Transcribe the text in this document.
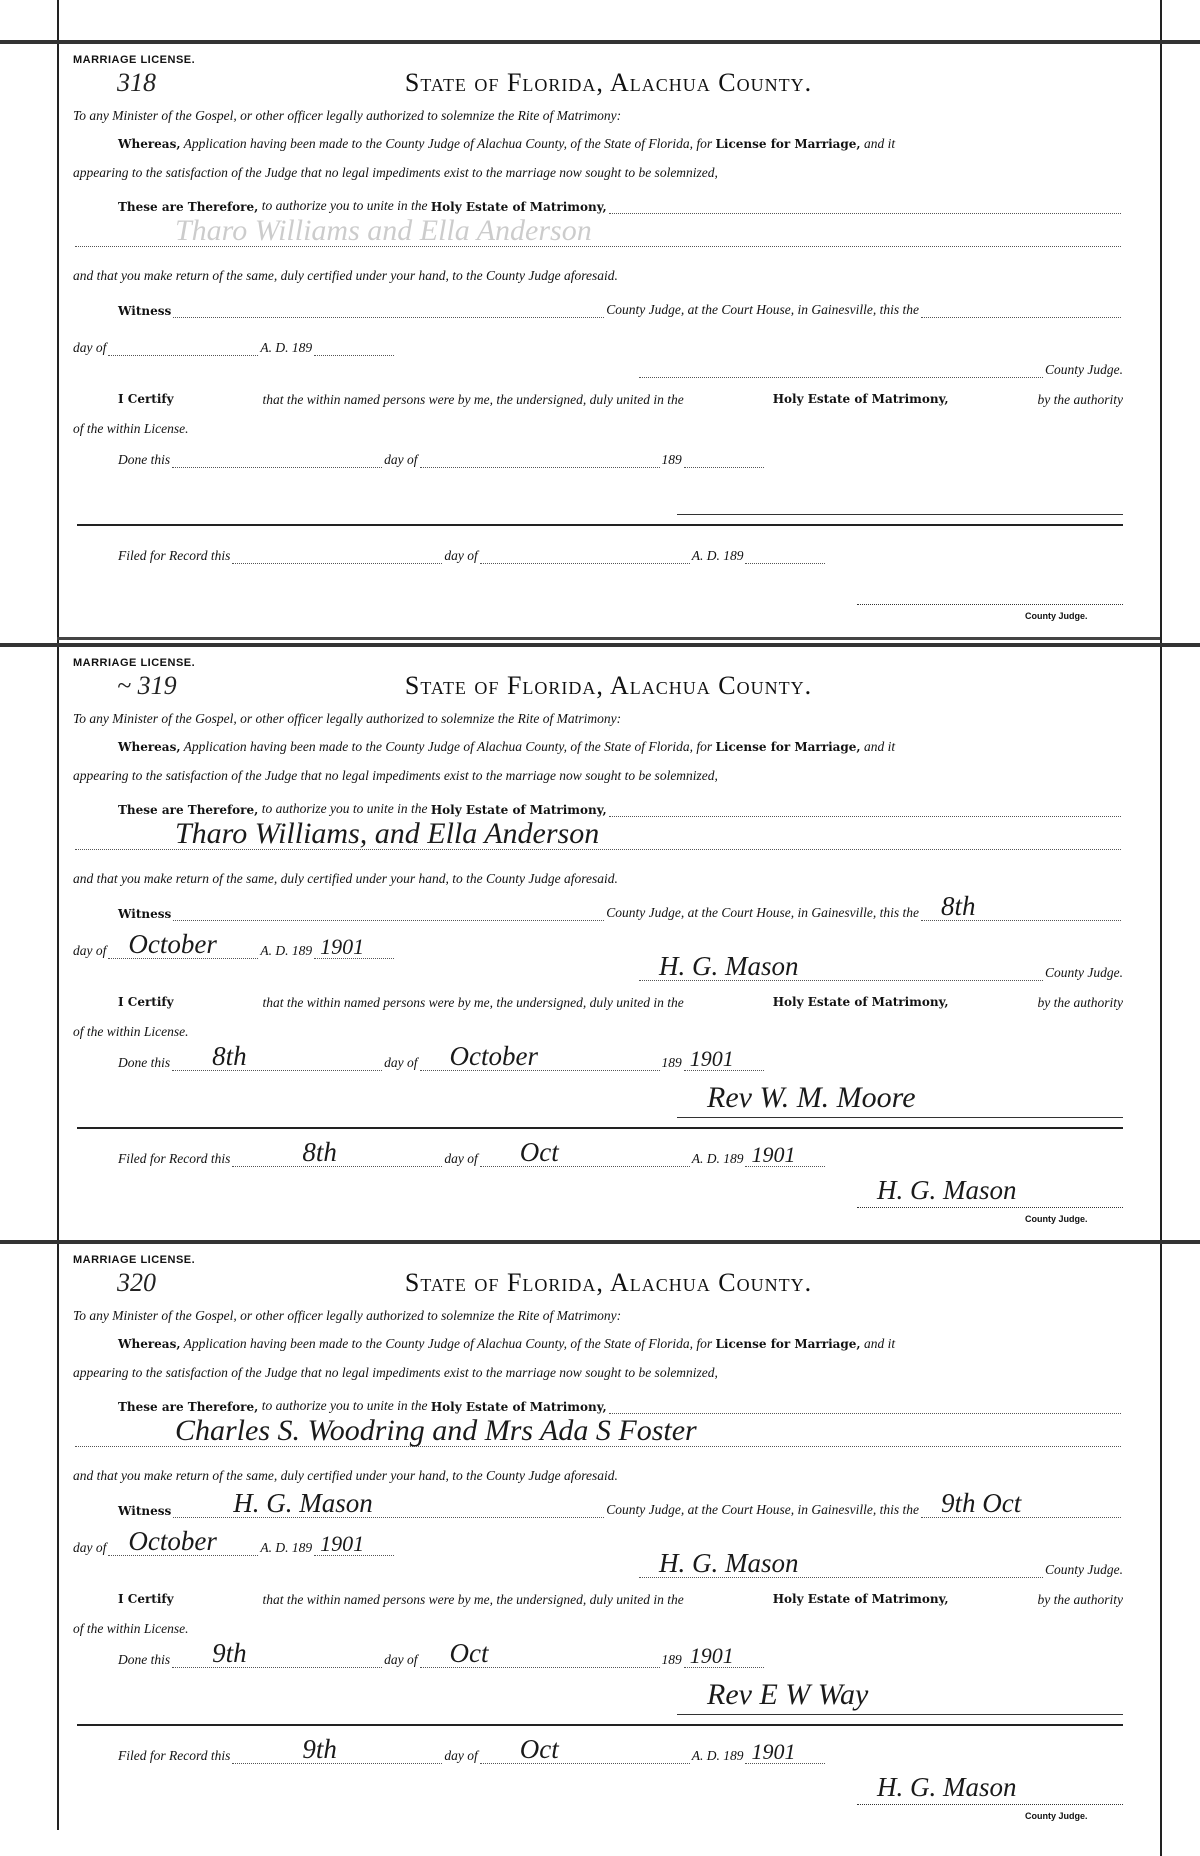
MARRIAGE LICENSE.
318	State of Florida, Alachua County.
To any Minister of the Gospel, or other officer legally authorized to solemnize the Rite of Matrimony:
Whereas, Application having been made to the County Judge of Alachua County, of the State of Florida, for License for Marriage, and it
appearing to the satisfaction of the Judge that no legal impediments exist to the marriage now sought to be solemnized,
These are Therefore,
to authorize you to unite in the
Holy Estate of Matrimony,
Tharo Williams and Ella Anderson
and that you make return of the same, duly certified under your hand, to the County Judge aforesaid.
Witness	County Judge, at the Court House, in Gainesville, this the
day of	A. D. 189
County Judge.
I Certify	that the within named persons were by me, the undersigned, duly united in the	Holy Estate of Matrimony,	by the authority
of the within License.
Done this	day of	189
Filed for Record this	day of	A. D. 189
County Judge.
MARRIAGE LICENSE.
~ 319	State of Florida, Alachua County.
To any Minister of the Gospel, or other officer legally authorized to solemnize the Rite of Matrimony:
Whereas, Application having been made to the County Judge of Alachua County, of the State of Florida, for License for Marriage, and it
appearing to the satisfaction of the Judge that no legal impediments exist to the marriage now sought to be solemnized,
These are Therefore,
to authorize you to unite in the
Holy Estate of Matrimony,
Tharo Williams, and Ella Anderson
and that you make return of the same, duly certified under your hand, to the County Judge aforesaid.
Witness	County Judge, at the Court House, in Gainesville, this the 8th
day of October	A. D. 189 1901
H. G. Mason	County Judge.
I Certify	that the within named persons were by me, the undersigned, duly united in the	Holy Estate of Matrimony,	by the authority
of the within License.
Done this 8th	day of October	189 1901
Rev W. M. Moore
Filed for Record this	8th	day of Oct	A. D. 189 1901
H. G. Mason
County Judge.
MARRIAGE LICENSE.
320	State of Florida, Alachua County.
To any Minister of the Gospel, or other officer legally authorized to solemnize the Rite of Matrimony:
Whereas, Application having been made to the County Judge of Alachua County, of the State of Florida, for License for Marriage, and it
appearing to the satisfaction of the Judge that no legal impediments exist to the marriage now sought to be solemnized,
These are Therefore,
to authorize you to unite in the
Holy Estate of Matrimony,
Charles S. Woodring and Mrs Ada S Foster
and that you make return of the same, duly certified under your hand, to the County Judge aforesaid.
Witness H. G. Mason	County Judge, at the Court House, in Gainesville, this the 9th Oct
day of October	A. D. 189 1901
H. G. Mason	County Judge.
I Certify	that the within named persons were by me, the undersigned, duly united in the	Holy Estate of Matrimony,	by the authority
of the within License.
Done this 9th	day of Oct	189 1901
Rev E W Way
Filed for Record this	9th	day of Oct	A. D. 189 1901
H. G. Mason
County Judge.
